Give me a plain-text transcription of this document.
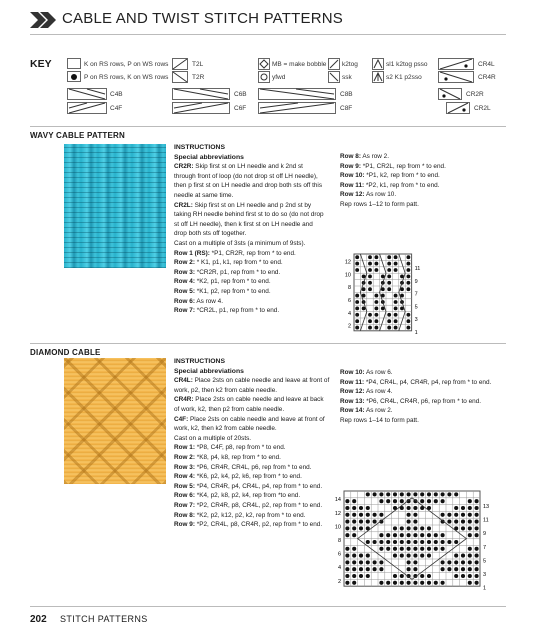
CABLE AND TWIST STITCH PATTERNS
KEY	K on RS rows, P on WS rows
P on RS rows, K on WS rows
T2L
T2R
MB = make bobble
yfwd
k2tog
ssk
sl1 k2tog psso
s2 K1 p2sso
CR4L
CR4R
C4B
C4F
C6B
C6F
C8B
C8F
CR2R
CR2L
WAVY CABLE PATTERN

INSTRUCTIONS

Special abbreviations

CR2R: Skip first st on LH needle and k 2nd st through front of loop (do not drop st off LH needle), then p first st on LH needle and drop both sts off this needle at same time.

CR2L: Skip first st on LH needle and p 2nd st by taking RH needle behind first st to do so (do not drop st off LH needle), then k first st on LH needle and drop both sts off together.

Cast on a multiple of 3sts (a minimum of 9sts).

Row 1 (RS): *P1, CR2R, rep from * to end.

Row 2: * K1, p1, k1, rep from * to end.

Row 3: *CR2R, p1, rep from * to end.

Row 4: *K2, p1, rep from * to end.

Row 5: *K1, p2, rep from * to end.

Row 6: As row 4.

Row 7: *CR2L, p1, rep from * to end.

Row 8: As row 2.

Row 9: *P1, CR2L, rep from * to end.

Row 10: *P1, k2, rep from * to end.

Row 11: *P2, k1, rep from * to end.

Row 12: As row 10.

Rep rows 1–12 to form patt.

12
10
8
6
4
2
11
9
7
5
3
1
DIAMOND CABLE

INSTRUCTIONS

Special abbreviations

CR4L: Place 2sts on cable needle and leave at front of work, p2, then k2 from cable needle.

CR4R: Place 2sts on cable needle and leave at back of work, k2, then p2 from cable needle.

C4F: Place 2sts on cable needle and leave at front of work, k2, then k2 from cable needle.

Cast on a multiple of 20sts.

Row 1: *P8, C4F, p8, rep from * to end.

Row 2: *K8, p4, k8, rep from * to end.

Row 3: *P6, CR4R, CR4L, p6, rep from * to end.

Row 4: *K6, p2, k4, p2, k6, rep from * to end.

Row 5: *P4, CR4R, p4, CR4L, p4, rep from * to end.

Row 6: *K4, p2, k8, p2, k4, rep from *to end.

Row 7: *P2, CR4R, p8, CR4L, p2, rep from * to end.

Row 8: *K2, p2, k12, p2, k2, rep from * to end.

Row 9: *P2, CR4L, p8, CR4R, p2, rep from * to end.

Row 10: As row 6.

Row 11: *P4, CR4L, p4, CR4R, p4, rep from * to end.

Row 12: As row 4.

Row 13: *P6, CR4L, CR4R, p6, rep from * to end.

Row 14: As row 2.

Rep rows 1–14 to form patt.

14
12
10
8
6
4
2
13
11
9
7
5
3
1
202 STITCH PATTERNS
